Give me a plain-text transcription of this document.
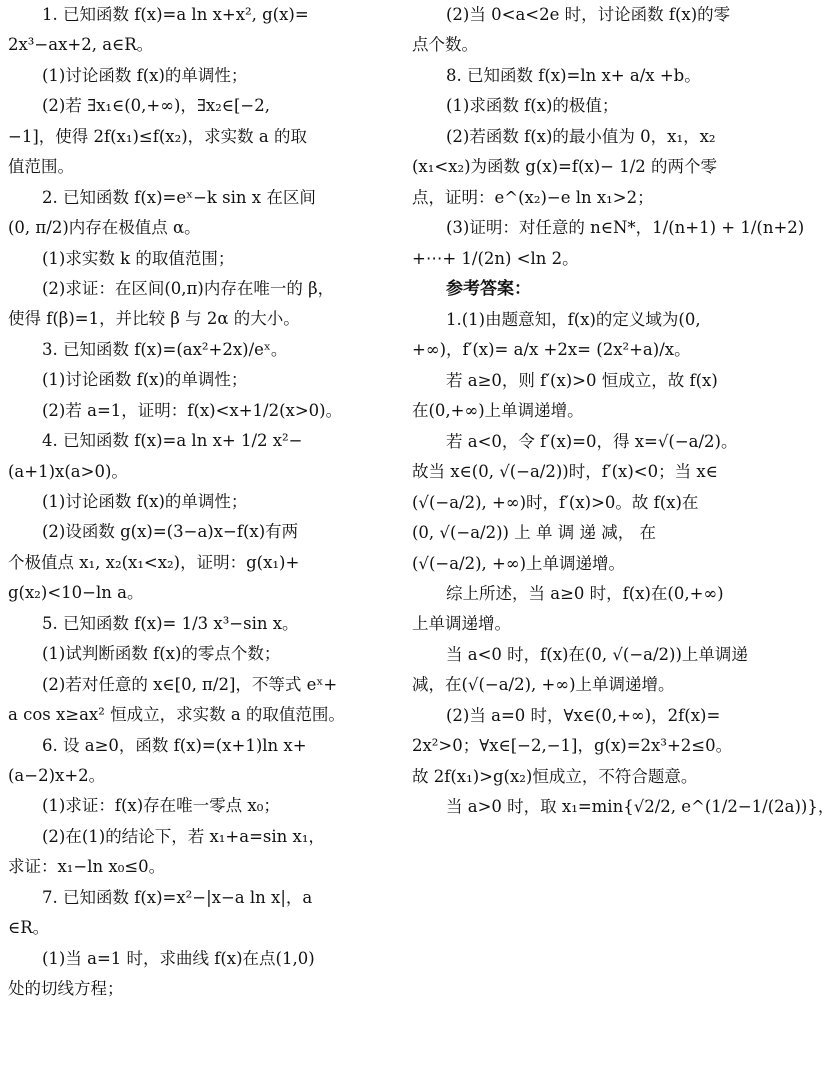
1. 已知函数 f(x)=a ln x+x², g(x)=
2x³−ax+2, a∈R。
(1)讨论函数 f(x)的单调性；
(2)若 ∃x₁∈(0,+∞)，∃x₂∈[−2,
−1]，使得 2f(x₁)≤f(x₂)，求实数 a 的取
值范围。
2. 已知函数 f(x)=eˣ−k sin x 在区间
(0, π/2)内存在极值点 α。
(1)求实数 k 的取值范围；
(2)求证：在区间(0,π)内存在唯一的 β，
使得 f(β)=1，并比较 β 与 2α 的大小。
3. 已知函数 f(x)=(ax²+2x)/eˣ。
(1)讨论函数 f(x)的单调性；
(2)若 a=1，证明：f(x)<x+1/2(x>0)。
4. 已知函数 f(x)=a ln x+ 1/2 x²−
(a+1)x(a>0)。
(1)讨论函数 f(x)的单调性；
(2)设函数 g(x)=(3−a)x−f(x)有两
个极值点 x₁, x₂(x₁<x₂)，证明：g(x₁)+
g(x₂)<10−ln a。
5. 已知函数 f(x)= 1/3 x³−sin x。
(1)试判断函数 f(x)的零点个数；
(2)若对任意的 x∈[0, π/2]，不等式 eˣ+
a cos x≥ax² 恒成立，求实数 a 的取值范围。
6. 设 a≥0，函数 f(x)=(x+1)ln x+
(a−2)x+2。
(1)求证：f(x)存在唯一零点 x₀；
(2)在(1)的结论下，若 x₁+a=sin x₁，
求证：x₁−ln x₀≤0。
7. 已知函数 f(x)=x²−|x−a ln x|，a
∈R。
(1)当 a=1 时，求曲线 f(x)在点(1,0)
处的切线方程；
(2)当 0<a<2e 时，讨论函数 f(x)的零
点个数。
8. 已知函数 f(x)=ln x+ a/x +b。
(1)求函数 f(x)的极值；
(2)若函数 f(x)的最小值为 0，x₁，x₂
(x₁<x₂)为函数 g(x)=f(x)− 1/2 的两个零
点，证明：e^(x₂)−e ln x₁>2；
(3)证明：对任意的 n∈N*，1/(n+1) + 1/(n+2)
+⋯+ 1/(2n) <ln 2。
参考答案：
1.(1)由题意知，f(x)的定义域为(0,
+∞)，f′(x)= a/x +2x= (2x²+a)/x。
若 a≥0，则 f′(x)>0 恒成立，故 f(x)
在(0,+∞)上单调递增。
若 a<0，令 f′(x)=0，得 x=√(−a/2)。
故当 x∈(0, √(−a/2))时，f′(x)<0；当 x∈
(√(−a/2), +∞)时，f′(x)>0。故 f(x)在
(0, √(−a/2)) 上 单 调 递 减， 在
(√(−a/2), +∞)上单调递增。
综上所述，当 a≥0 时，f(x)在(0,+∞)
上单调递增。
当 a<0 时，f(x)在(0, √(−a/2))上单调递
减，在(√(−a/2), +∞)上单调递增。
(2)当 a=0 时，∀x∈(0,+∞)，2f(x)=
2x²>0；∀x∈[−2,−1]，g(x)=2x³+2≤0。
故 2f(x₁)>g(x₂)恒成立，不符合题意。
当 a>0 时，取 x₁=min{√2/2, e^(1/2−1/(2a))}，
